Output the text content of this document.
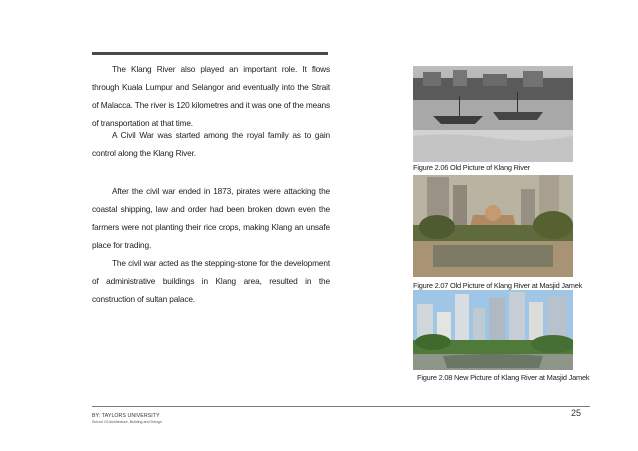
The Klang River also played an important role. It flows through Kuala Lumpur and Selangor and eventually into the Strait of Malacca. The river is 120 kilometres and it was one of the means of transportation at that time.

A Civil War was started among the royal family as to gain control along the Klang River.

After the civil war ended in 1873, pirates were attacking the coastal shipping, law and order had been broken down even the farmers were not planting their rice crops, making Klang an unsafe place for trading.

The civil war acted as the stepping-stone for the development of administrative buildings in Klang area, resulted in the construction of sultan palace.

Figure 2.06 Old Picture of Klang River
Figure 2.07 Old Picture of Klang River at Masjid Jamek
Figure 2.08 New Picture of Klang River at Masjid Jamek
25
BY: TAYLORS UNIVERSITY
School Of Architecture, Building and Design
